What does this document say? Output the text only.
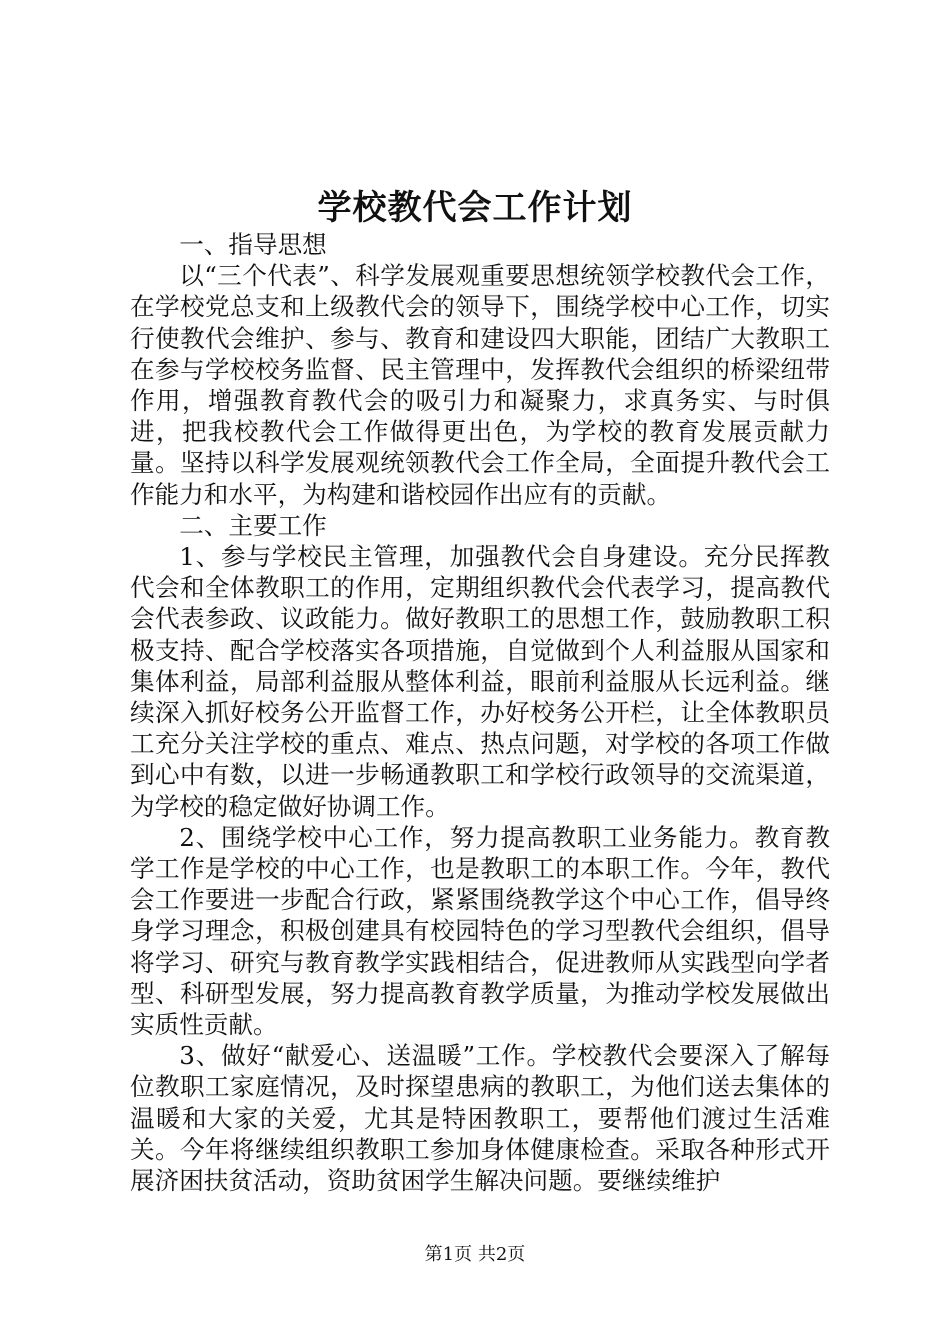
学校教代会工作计划

一、指导思想

以“三个代表”、科学发展观重要思想统领学校教代会工作，在学校党总支和上级教代会的领导下，围绕学校中心工作，切实行使教代会维护、参与、教育和建设四大职能，团结广大教职工在参与学校校务监督、民主管理中，发挥教代会组织的桥梁纽带作用，增强教育教代会的吸引力和凝聚力，求真务实、与时俱进，把我校教代会工作做得更出色，为学校的教育发展贡献力量。坚持以科学发展观统领教代会工作全局，全面提升教代会工作能力和水平，为构建和谐校园作出应有的贡献。

二、主要工作

1、参与学校民主管理，加强教代会自身建设。充分民挥教代会和全体教职工的作用，定期组织教代会代表学习，提高教代会代表参政、议政能力。做好教职工的思想工作，鼓励教职工积极支持、配合学校落实各项措施，自觉做到个人利益服从国家和集体利益，局部利益服从整体利益，眼前利益服从长远利益。继续深入抓好校务公开监督工作，办好校务公开栏，让全体教职员工充分关注学校的重点、难点、热点问题，对学校的各项工作做到心中有数，以进一步畅通教职工和学校行政领导的交流渠道，为学校的稳定做好协调工作。

2、围绕学校中心工作，努力提高教职工业务能力。教育教学工作是学校的中心工作，也是教职工的本职工作。今年，教代会工作要进一步配合行政，紧紧围绕教学这个中心工作，倡导终身学习理念，积极创建具有校园特色的学习型教代会组织，倡导将学习、研究与教育教学实践相结合，促进教师从实践型向学者型、科研型发展，努力提高教育教学质量，为推动学校发展做出实质性贡献。

3、做好“献爱心、送温暖”工作。学校教代会要深入了解每位教职工家庭情况，及时探望患病的教职工，为他们送去集体的温暖和大家的关爱，尤其是特困教职工，要帮他们渡过生活难关。今年将继续组织教职工参加身体健康检查。采取各种形式开展济困扶贫活动，资助贫困学生解决问题。要继续维护

第1页 共2页
